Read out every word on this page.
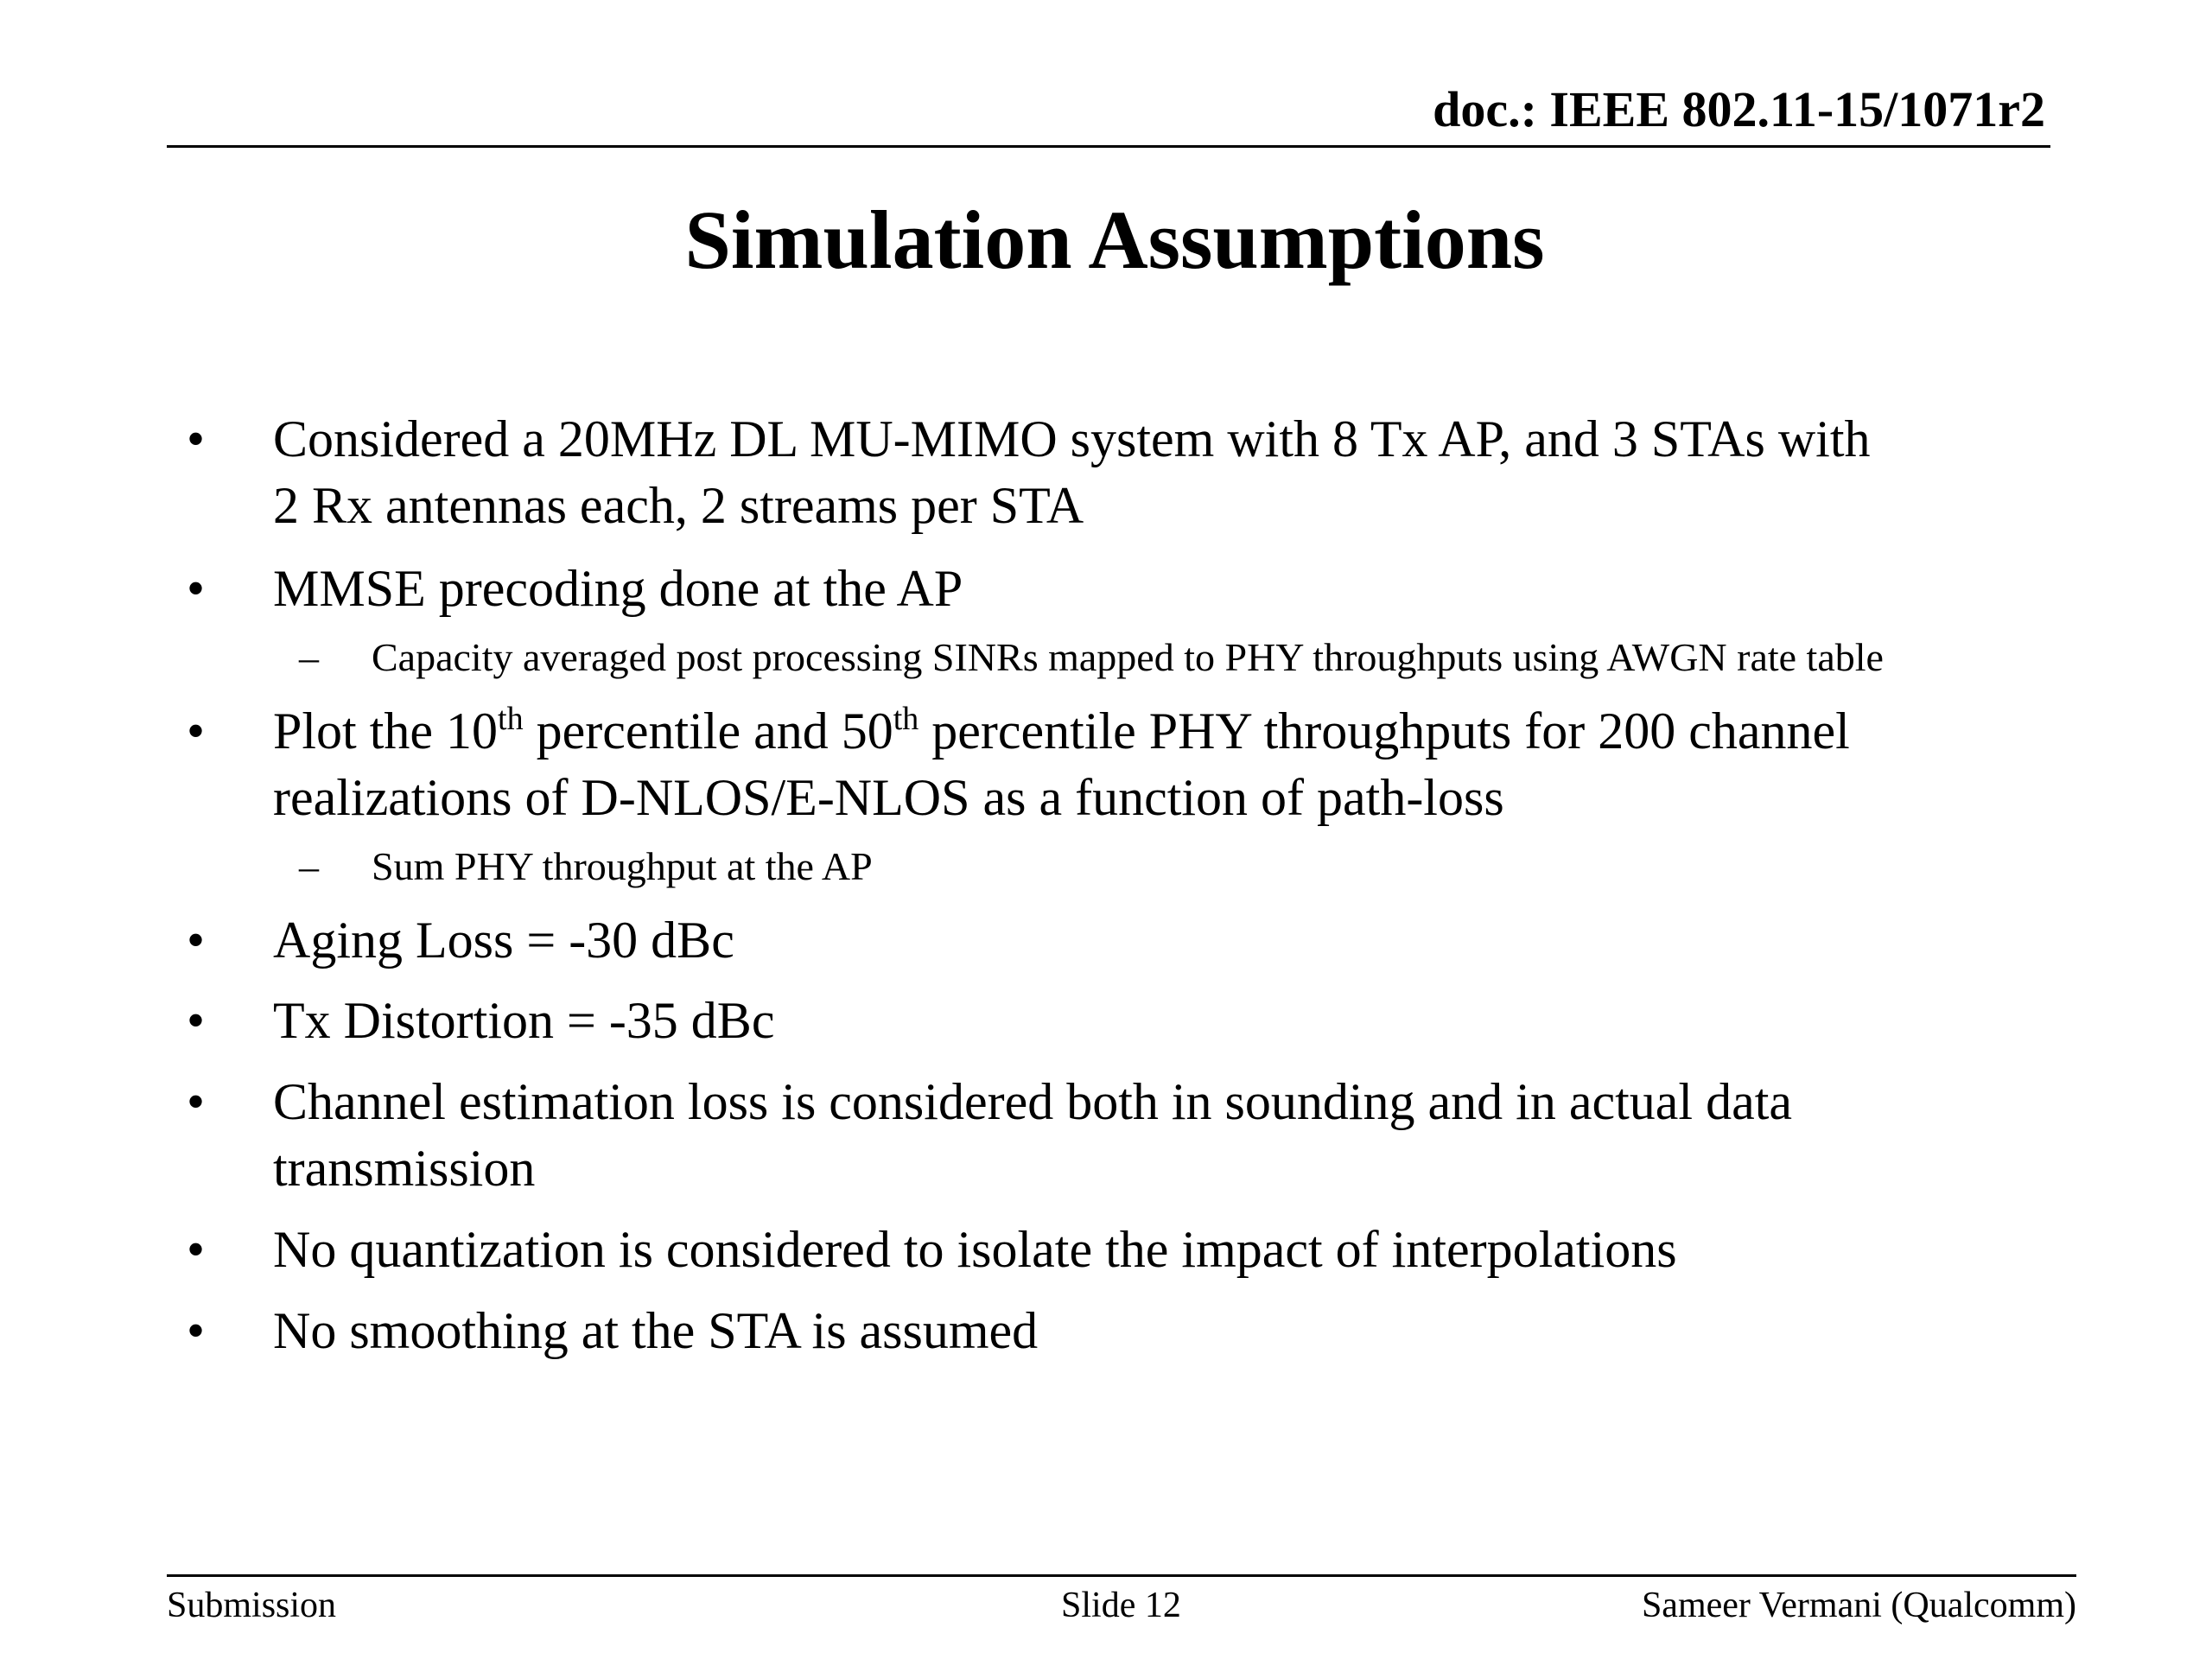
doc.: IEEE 802.11-15/1071r2
Simulation Assumptions
•	Considered a 20MHz DL MU-MIMO system with 8 Tx AP, and 3 STAs with
2 Rx antennas each, 2 streams per STA
•	MMSE precoding done at the AP
–	Capacity averaged post processing SINRs mapped to PHY throughputs using AWGN rate table
•	Plot the 10th percentile and 50th percentile PHY throughputs for 200 channel
realizations of D-NLOS/E-NLOS as a function of path-loss
–	Sum PHY throughput at the AP
•	Aging Loss = -30 dBc
•	Tx Distortion = -35 dBc
•	Channel estimation loss is considered both in sounding and in actual data
transmission
•	No quantization is considered to isolate the impact of interpolations
•	No smoothing at the STA is assumed
Submission	Slide 12	Sameer Vermani (Qualcomm)
